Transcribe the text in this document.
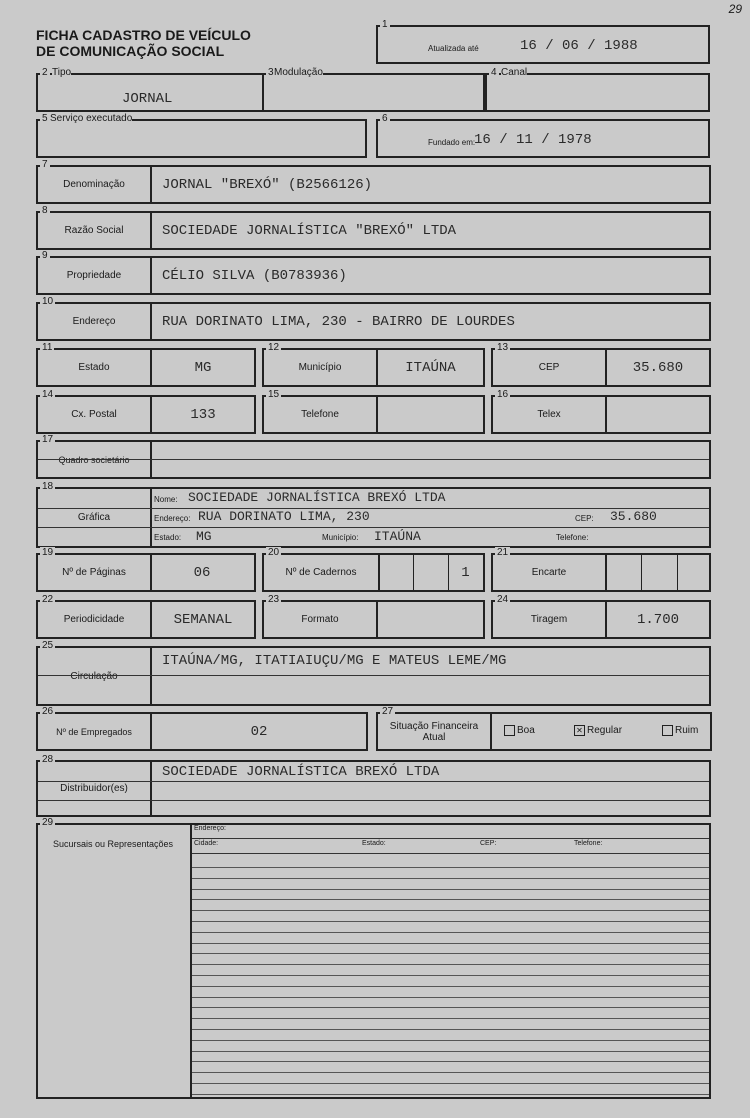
29
FICHA CADASTRO DE VEÍCULO
DE COMUNICAÇÃO SOCIAL
1
Atualizada até	16 / 06 / 1988
2 Tipo
JORNAL
3 Modulação	4 Canal
5 Serviço executado	6
Fundado em:
16 / 11 / 1978
7
Denominação	JORNAL "BREXÓ" (B2566126)
8
Razão Social	SOCIEDADE JORNALÍSTICA "BREXÓ" LTDA
9
Propriedade	CÉLIO SILVA (B0783936)
10
Endereço	RUA DORINATO LIMA, 230 - BAIRRO DE LOURDES
11
Estado	MG
12
Município	ITAÚNA
13
CEP	35.680
14
Cx. Postal	133
15
Telefone
16
Telex
17
Quadro societário
18
Gráfica
Nome: SOCIEDADE JORNALÍSTICA BREXÓ LTDA
Endereço: RUA DORINATO LIMA, 230	CEP: 35.680
Estado: MG	Município: ITAÚNA	Telefone:
19
Nº de Páginas	06
20
Nº de Cadernos	1
21
Encarte
22
Periodicidade	SEMANAL
23
Formato
24
Tiragem	1.700
25
Circulação
ITAÚNA/MG, ITATIAIUÇU/MG E MATEUS LEME/MG
26
Nº de Empregados	02
27
Situação Financeira Atual
Boa	✕ Regular	Ruim
28
Distribuidor(es)
SOCIEDADE JORNALÍSTICA BREXÓ LTDA
29
Sucursais ou Representações
Endereço:
Cidade:	Estado:	CEP:	Telefone:
